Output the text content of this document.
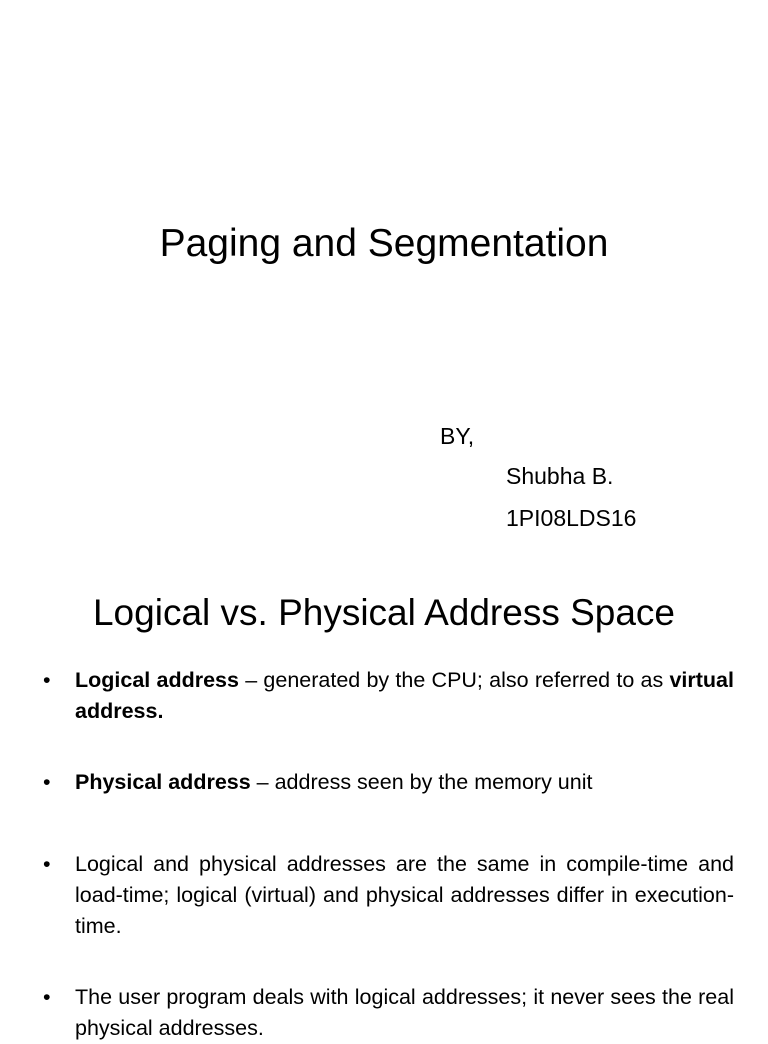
Paging and Segmentation
BY,
Shubha B.
1PI08LDS16
Logical vs. Physical Address Space
• Logical address – generated by the CPU; also referred to as virtual address.
• Physical address – address seen by the memory unit
• Logical and physical addresses are the same in compile-time and load-time; logical (virtual) and physical addresses differ in execution-time.
• The user program deals with logical addresses; it never sees the real physical addresses.
